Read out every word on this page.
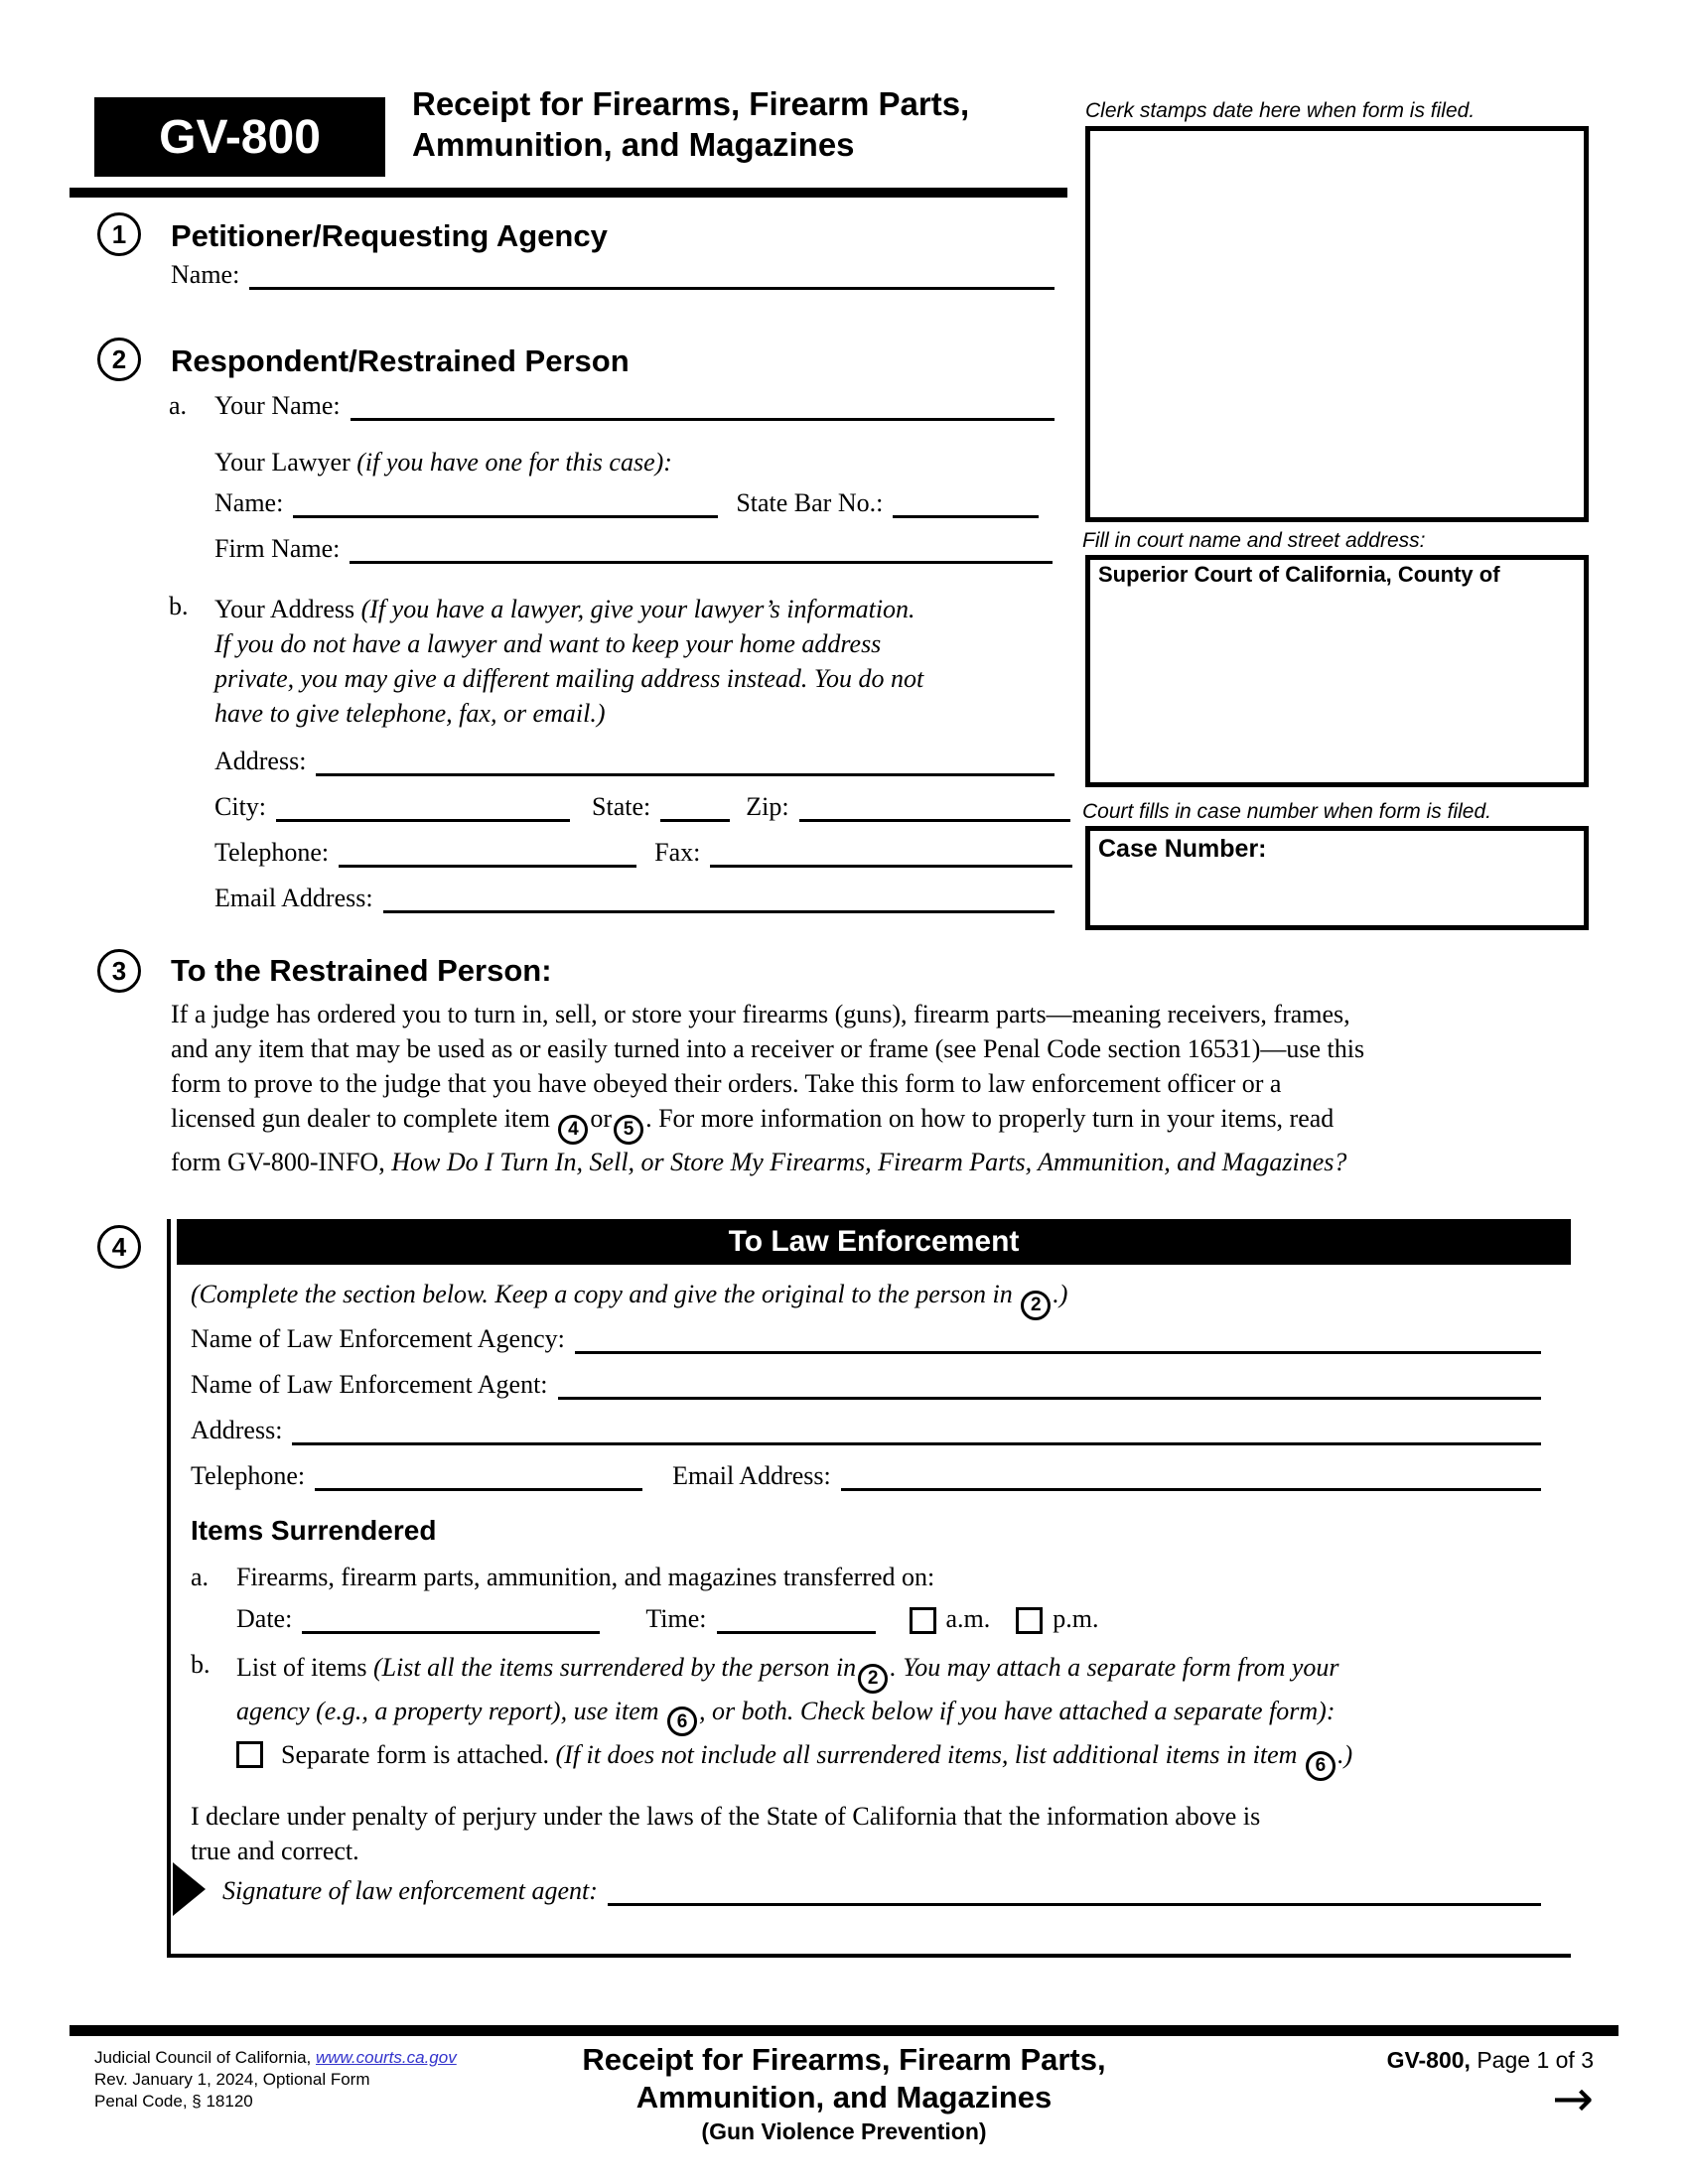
GV-800
Receipt for Firearms, Firearm Parts,
Ammunition, and Magazines
Clerk stamps date here when form is filed.
Fill in court name and street address:
Superior Court of California, County of
Court fills in case number when form is filed.
Case Number:
1	Petitioner/Requesting Agency
Name:
2	Respondent/Restrained Person
a.	Your Name:
Your Lawyer (if you have one for this case):
Name:	State Bar No.:
Firm Name:
b.	Your Address (If you have a lawyer, give your lawyer’s information.
If you do not have a lawyer and want to keep your home address
private, you may give a different mailing address instead. You do not
have to give telephone, fax, or email.)
Address:
City:	State:	Zip:
Telephone:	Fax:
Email Address:
3	To the Restrained Person:
If a judge has ordered you to turn in, sell, or store your firearms (guns), firearm parts—meaning receivers, frames,
and any item that may be used as or easily turned into a receiver or frame (see Penal Code section 16531)—use this
form to prove to the judge that you have obeyed their orders. Take this form to law enforcement officer or a
licensed gun dealer to complete item 4 or 5 . For more information on how to properly turn in your items, read
form GV-800-INFO, How Do I Turn In, Sell, or Store My Firearms, Firearm Parts, Ammunition, and Magazines?
4	To Law Enforcement
(Complete the section below. Keep a copy and give the original to the person in 2 .)
Name of Law Enforcement Agency:
Name of Law Enforcement Agent:
Address:
Telephone:	Email Address:
Items Surrendered
a.	Firearms, firearm parts, ammunition, and magazines transferred on:
Date:	Time:	a.m. p.m.
b.	List of items (List all the items surrendered by the person in 2 . You may attach a separate form from your
agency (e.g., a property report), use item 6 , or both. Check below if you have attached a separate form):
Separate form is attached. (If it does not include all surrendered items, list additional items in item 6 .)
I declare under penalty of perjury under the laws of the State of California that the information above is
true and correct.
Signature of law enforcement agent:
Judicial Council of California, www.courts.ca.gov
Rev. January 1, 2024, Optional Form
Penal Code, § 18120
Receipt for Firearms, Firearm Parts,
Ammunition, and Magazines
(Gun Violence Prevention)
GV-800, Page 1 of 3
→
